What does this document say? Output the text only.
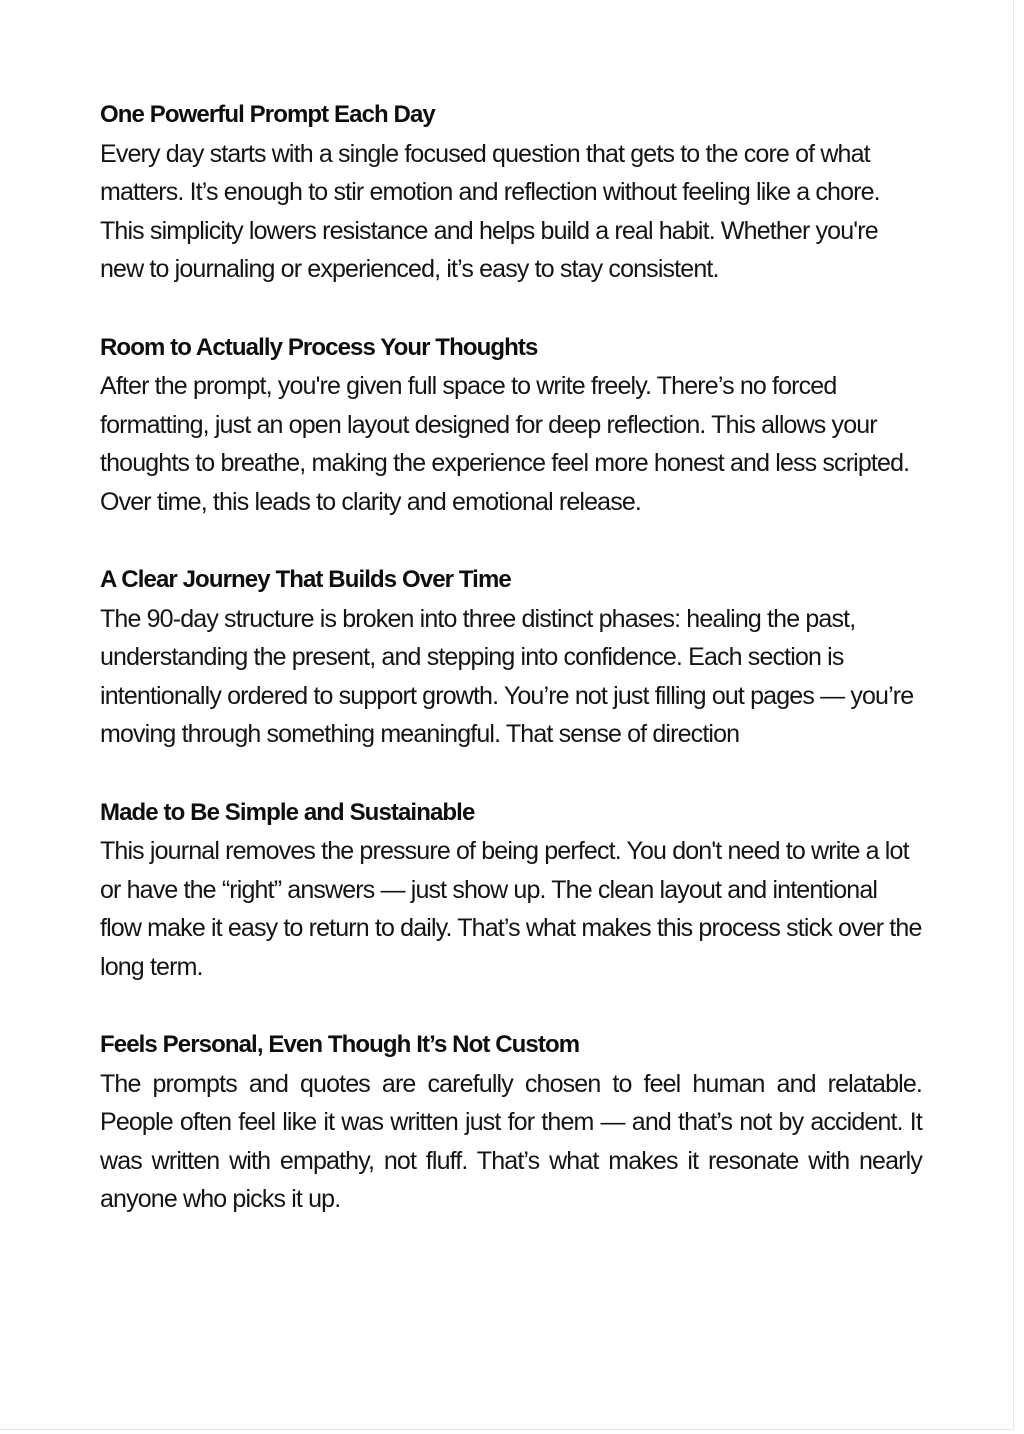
One Powerful Prompt Each Day

Every day starts with a single focused question that gets to the core of what matters. It’s enough to stir emotion and reflection without feeling like a chore. This simplicity lowers resistance and helps build a real habit. Whether you're new to journaling or experienced, it’s easy to stay consistent.

Room to Actually Process Your Thoughts

After the prompt, you're given full space to write freely. There’s no forced formatting, just an open layout designed for deep reflection. This allows your thoughts to breathe, making the experience feel more honest and less scripted. Over time, this leads to clarity and emotional release.

A Clear Journey That Builds Over Time

The 90-day structure is broken into three distinct phases: healing the past, understanding the present, and stepping into confidence. Each section is intentionally ordered to support growth. You’re not just filling out pages — you’re moving through something meaningful. That sense of direction

Made to Be Simple and Sustainable

This journal removes the pressure of being perfect. You don't need to write a lot or have the “right” answers — just show up. The clean layout and intentional flow make it easy to return to daily. That’s what makes this process stick over the long term.

Feels Personal, Even Though It’s Not Custom

The prompts and quotes are carefully chosen to feel human and relatable. People often feel like it was written just for them — and that’s not by accident. It was written with empathy, not fluff. That’s what makes it resonate with nearly anyone who picks it up.
